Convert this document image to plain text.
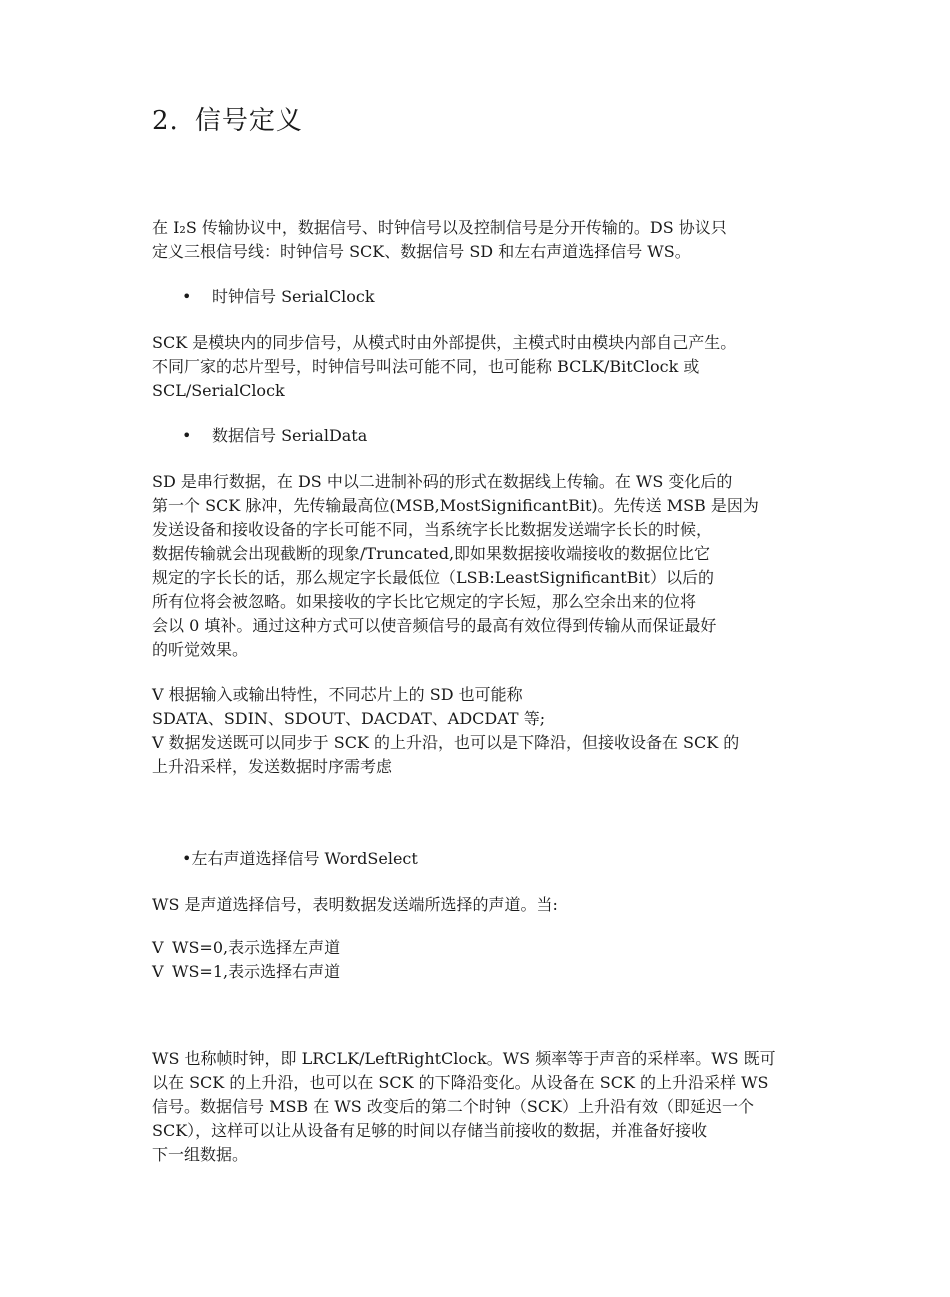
2. 信号定义

在 I₂S 传输协议中，数据信号、时钟信号以及控制信号是分开传输的。DS 协议只
定义三根信号线：时钟信号 SCK、数据信号 SD 和左右声道选择信号 WS。

• 时钟信号 SerialClock

SCK 是模块内的同步信号，从模式时由外部提供，主模式时由模块内部自己产生。
不同厂家的芯片型号，时钟信号叫法可能不同，也可能称 BCLK/BitClock 或
SCL/SerialClock

• 数据信号 SerialData

SD 是串行数据，在 DS 中以二进制补码的形式在数据线上传输。在 WS 变化后的
第一个 SCK 脉冲，先传输最高位(MSB,MostSignificantBit)。先传送 MSB 是因为
发送设备和接收设备的字长可能不同，当系统字长比数据发送端字长长的时候，
数据传输就会出现截断的现象/Truncated,即如果数据接收端接收的数据位比它
规定的字长长的话，那么规定字长最低位（LSB:LeastSignificantBit）以后的
所有位将会被忽略。如果接收的字长比它规定的字长短，那么空余出来的位将
会以 0 填补。通过这种方式可以使音频信号的最高有效位得到传输从而保证最好
的听觉效果。

V 根据输入或输出特性，不同芯片上的 SD 也可能称
SDATA、SDIN、SDOUT、DACDAT、ADCDAT 等;
V 数据发送既可以同步于 SCK 的上升沿，也可以是下降沿，但接收设备在 SCK 的
上升沿采样，发送数据时序需考虑

•左右声道选择信号 WordSelect

WS 是声道选择信号，表明数据发送端所选择的声道。当:

V WS=0,表示选择左声道
V WS=1,表示选择右声道

WS 也称帧时钟，即 LRCLK/LeftRightClock。WS 频率等于声音的采样率。WS 既可
以在 SCK 的上升沿，也可以在 SCK 的下降沿变化。从设备在 SCK 的上升沿采样 WS
信号。数据信号 MSB 在 WS 改变后的第二个时钟（SCK）上升沿有效（即延迟一个
SCK），这样可以让从设备有足够的时间以存储当前接收的数据，并准备好接收
下一组数据。
